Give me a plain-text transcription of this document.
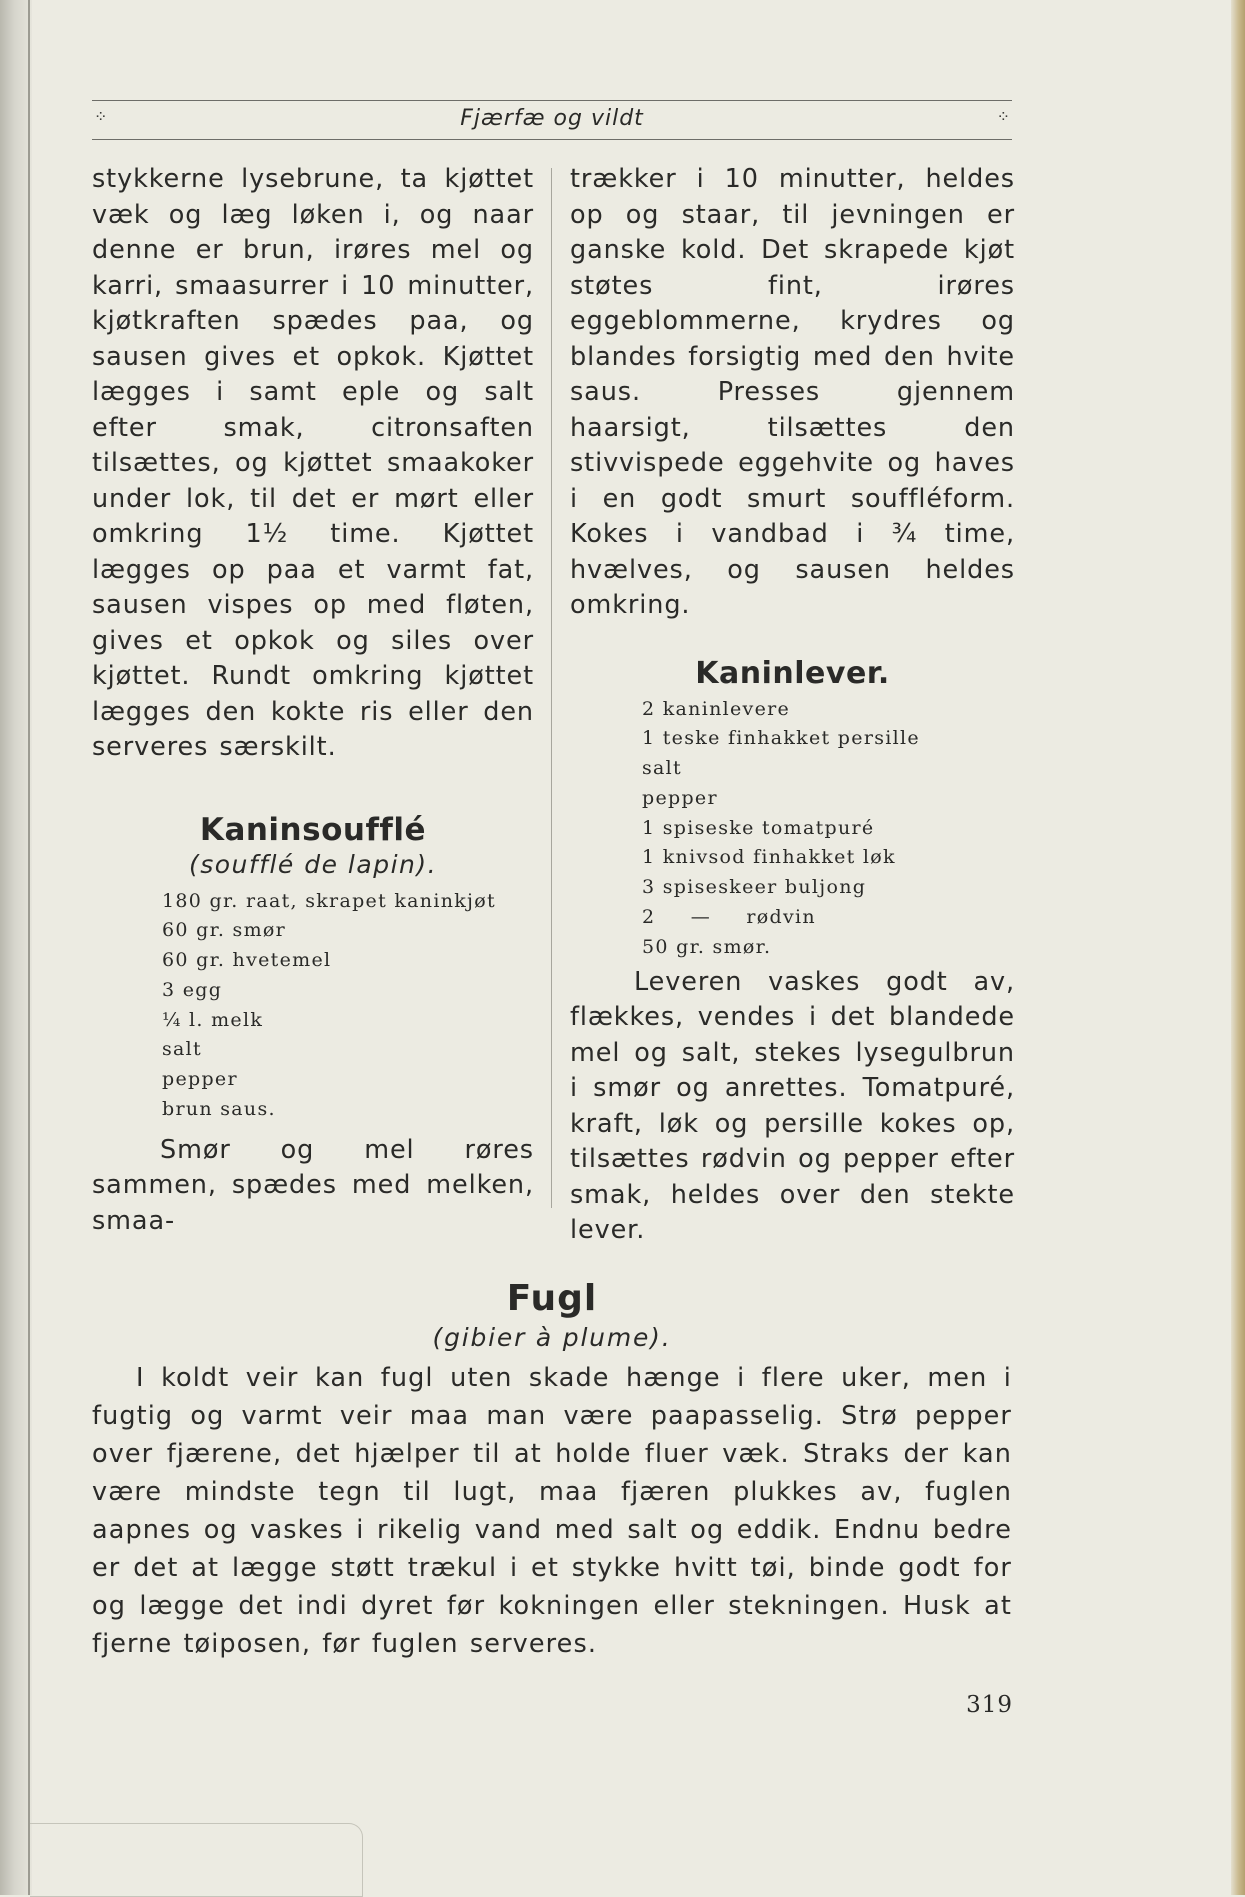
⁘	Fjærfæ og vildt	⁘

stykkerne lysebrune, ta kjøttet væk og læg løken i, og naar denne er brun, irøres mel og karri, smaasurrer i 10 minutter, kjøtkraften spædes paa, og sausen gives et opkok. Kjøttet lægges i samt eple og salt efter smak, citronsaften tilsættes, og kjøttet smaakoker under lok, til det er mørt eller omkring 1½ time. Kjøttet lægges op paa et varmt fat, sausen vispes op med fløten, gives et opkok og siles over kjøttet. Rundt omkring kjøttet lægges den kokte ris eller den serveres særskilt.

Kaninsoufflé

(soufflé de lapin).

180 gr. raat, skrapet kaninkjøt
60 gr. smør
60 gr. hvetemel
3 egg
¼ l. melk
salt
pepper
brun saus.

Smør og mel røres sammen, spædes med melken, smaa-

trækker i 10 minutter, heldes op og staar, til jevningen er ganske kold. Det skrapede kjøt støtes fint, irøres eggeblommerne, krydres og blandes forsigtig med den hvite saus. Presses gjennem haarsigt, tilsættes den stivvispede eggehvite og haves i en godt smurt souffléform. Kokes i vandbad i ¾ time, hvælves, og sausen heldes omkring.

Kaninlever.
2 kaninlevere
1 teske finhakket persille
salt
pepper
1 spiseske tomatpuré
1 knivsod finhakket løk
3 spiseskeer buljong
2 — rødvin
50 gr. smør.

Leveren vaskes godt av, flækkes, vendes i det blandede mel og salt, stekes lysegulbrun i smør og anrettes. Tomatpuré, kraft, løk og persille kokes op, tilsættes rødvin og pepper efter smak, heldes over den stekte lever.

Fugl

(gibier à plume).

I koldt veir kan fugl uten skade hænge i flere uker, men i fugtig og varmt veir maa man være paapasselig. Strø pepper over fjærene, det hjælper til at holde fluer væk. Straks der kan være mindste tegn til lugt, maa fjæren plukkes av, fuglen aapnes og vaskes i rikelig vand med salt og eddik. Endnu bedre er det at lægge støtt trækul i et stykke hvitt tøi, binde godt for og lægge det indi dyret før kokningen eller stekningen. Husk at fjerne tøiposen, før fuglen serveres.

319
